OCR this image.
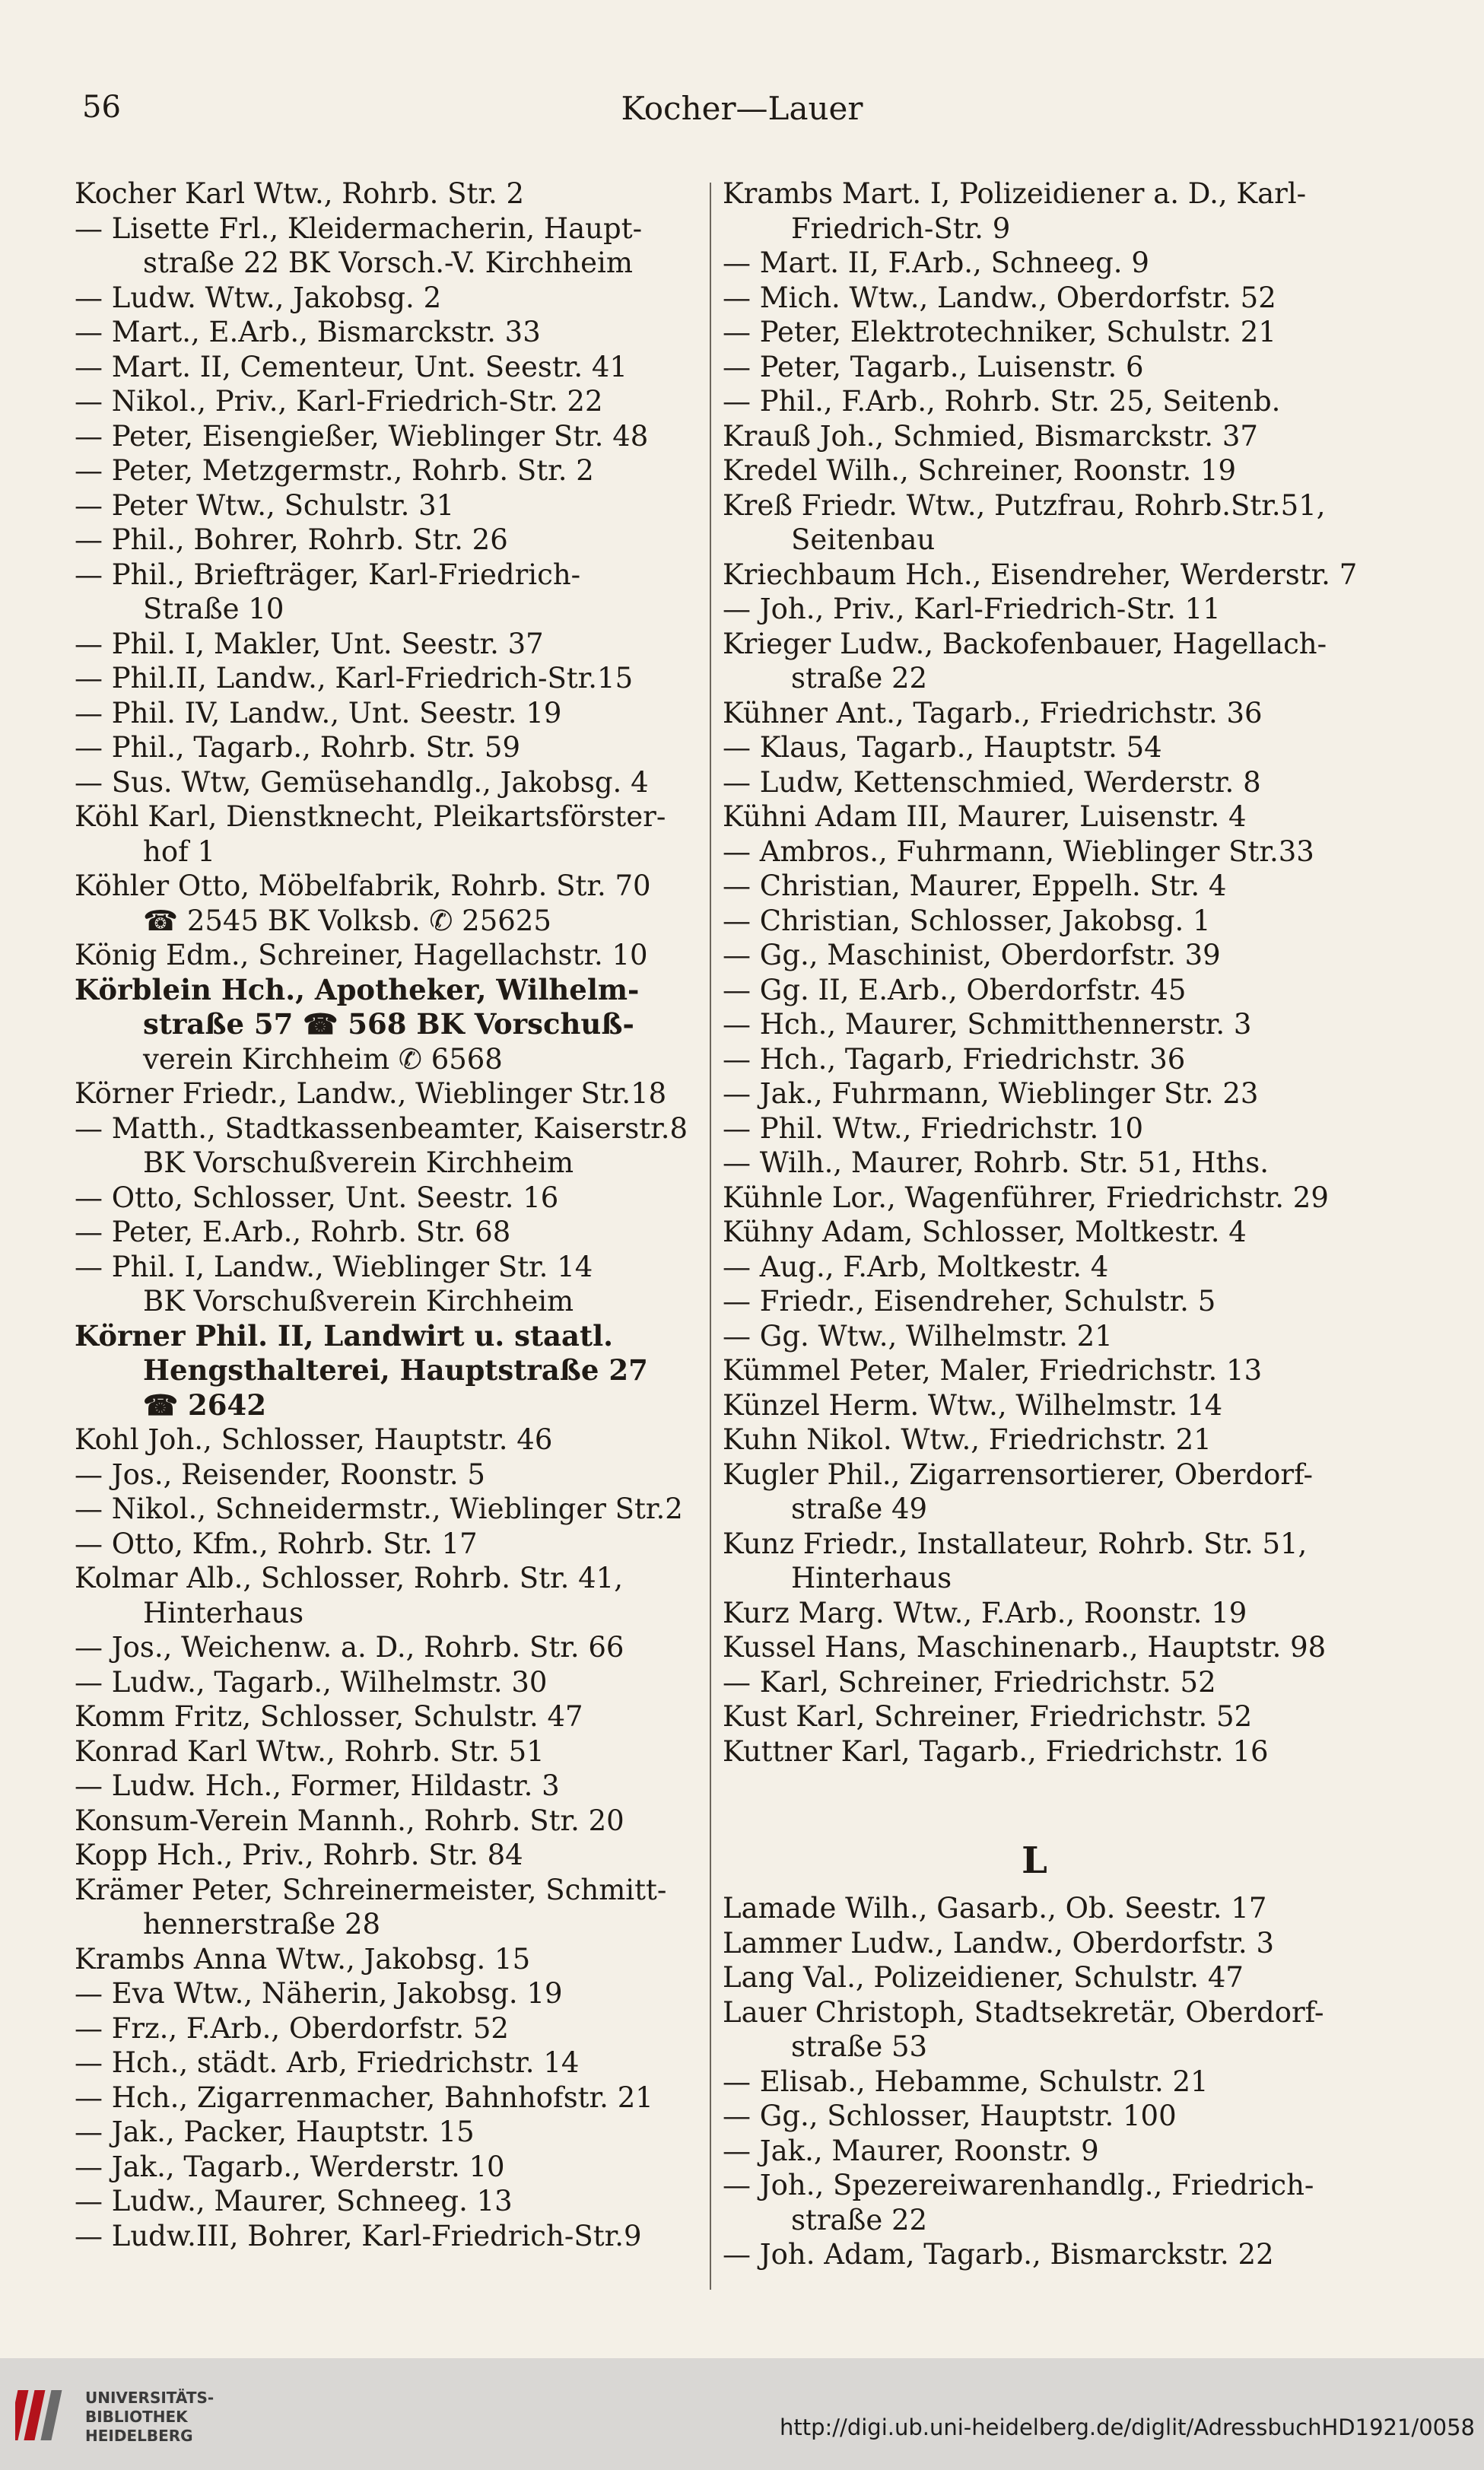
56	Kocher—Lauer
Kocher Karl Wtw., Rohrb. Str. 2
— Lisette Frl., Kleidermacherin, Haupt-
straße 22 BK Vorsch.-V. Kirchheim
— Ludw. Wtw., Jakobsg. 2
— Mart., E.Arb., Bismarckstr. 33
— Mart. II, Cementeur, Unt. Seestr. 41
— Nikol., Priv., Karl-Friedrich-Str. 22
— Peter, Eisengießer, Wieblinger Str. 48
— Peter, Metzgermstr., Rohrb. Str. 2
— Peter Wtw., Schulstr. 31
— Phil., Bohrer, Rohrb. Str. 26
— Phil., Briefträger, Karl-Friedrich-
Straße 10
— Phil. I, Makler, Unt. Seestr. 37
— Phil.II, Landw., Karl-Friedrich-Str.15
— Phil. IV, Landw., Unt. Seestr. 19
— Phil., Tagarb., Rohrb. Str. 59
— Sus. Wtw, Gemüsehandlg., Jakobsg. 4
Köhl Karl, Dienstknecht, Pleikartsförster-
hof 1
Köhler Otto, Möbelfabrik, Rohrb. Str. 70
☎ 2545 BK Volksb. ✆ 25625
König Edm., Schreiner, Hagellachstr. 10
Körblein Hch., Apotheker, Wilhelm-
straße 57 ☎ 568 BK Vorschuß-
verein Kirchheim ✆ 6568
Körner Friedr., Landw., Wieblinger Str.18
— Matth., Stadtkassenbeamter, Kaiserstr.8
BK Vorschußverein Kirchheim
— Otto, Schlosser, Unt. Seestr. 16
— Peter, E.Arb., Rohrb. Str. 68
— Phil. I, Landw., Wieblinger Str. 14
BK Vorschußverein Kirchheim
Körner Phil. II, Landwirt u. staatl.
Hengsthalterei, Hauptstraße 27
☎ 2642
Kohl Joh., Schlosser, Hauptstr. 46
— Jos., Reisender, Roonstr. 5
— Nikol., Schneidermstr., Wieblinger Str.2
— Otto, Kfm., Rohrb. Str. 17
Kolmar Alb., Schlosser, Rohrb. Str. 41,
Hinterhaus
— Jos., Weichenw. a. D., Rohrb. Str. 66
— Ludw., Tagarb., Wilhelmstr. 30
Komm Fritz, Schlosser, Schulstr. 47
Konrad Karl Wtw., Rohrb. Str. 51
— Ludw. Hch., Former, Hildastr. 3
Konsum-Verein Mannh., Rohrb. Str. 20
Kopp Hch., Priv., Rohrb. Str. 84
Krämer Peter, Schreinermeister, Schmitt-
hennerstraße 28
Krambs Anna Wtw., Jakobsg. 15
— Eva Wtw., Näherin, Jakobsg. 19
— Frz., F.Arb., Oberdorfstr. 52
— Hch., städt. Arb, Friedrichstr. 14
— Hch., Zigarrenmacher, Bahnhofstr. 21
— Jak., Packer, Hauptstr. 15
— Jak., Tagarb., Werderstr. 10
— Ludw., Maurer, Schneeg. 13
— Ludw.III, Bohrer, Karl-Friedrich-Str.9
Krambs Mart. I, Polizeidiener a. D., Karl-
Friedrich-Str. 9
— Mart. II, F.Arb., Schneeg. 9
— Mich. Wtw., Landw., Oberdorfstr. 52
— Peter, Elektrotechniker, Schulstr. 21
— Peter, Tagarb., Luisenstr. 6
— Phil., F.Arb., Rohrb. Str. 25, Seitenb.
Krauß Joh., Schmied, Bismarckstr. 37
Kredel Wilh., Schreiner, Roonstr. 19
Kreß Friedr. Wtw., Putzfrau, Rohrb.Str.51,
Seitenbau
Kriechbaum Hch., Eisendreher, Werderstr. 7
— Joh., Priv., Karl-Friedrich-Str. 11
Krieger Ludw., Backofenbauer, Hagellach-
straße 22
Kühner Ant., Tagarb., Friedrichstr. 36
— Klaus, Tagarb., Hauptstr. 54
— Ludw, Kettenschmied, Werderstr. 8
Kühni Adam III, Maurer, Luisenstr. 4
— Ambros., Fuhrmann, Wieblinger Str.33
— Christian, Maurer, Eppelh. Str. 4
— Christian, Schlosser, Jakobsg. 1
— Gg., Maschinist, Oberdorfstr. 39
— Gg. II, E.Arb., Oberdorfstr. 45
— Hch., Maurer, Schmitthennerstr. 3
— Hch., Tagarb, Friedrichstr. 36
— Jak., Fuhrmann, Wieblinger Str. 23
— Phil. Wtw., Friedrichstr. 10
— Wilh., Maurer, Rohrb. Str. 51, Hths.
Kühnle Lor., Wagenführer, Friedrichstr. 29
Kühny Adam, Schlosser, Moltkestr. 4
— Aug., F.Arb, Moltkestr. 4
— Friedr., Eisendreher, Schulstr. 5
— Gg. Wtw., Wilhelmstr. 21
Kümmel Peter, Maler, Friedrichstr. 13
Künzel Herm. Wtw., Wilhelmstr. 14
Kuhn Nikol. Wtw., Friedrichstr. 21
Kugler Phil., Zigarrensortierer, Oberdorf-
straße 49
Kunz Friedr., Installateur, Rohrb. Str. 51,
Hinterhaus
Kurz Marg. Wtw., F.Arb., Roonstr. 19
Kussel Hans, Maschinenarb., Hauptstr. 98
— Karl, Schreiner, Friedrichstr. 52
Kust Karl, Schreiner, Friedrichstr. 52
Kuttner Karl, Tagarb., Friedrichstr. 16
L
Lamade Wilh., Gasarb., Ob. Seestr. 17
Lammer Ludw., Landw., Oberdorfstr. 3
Lang Val., Polizeidiener, Schulstr. 47
Lauer Christoph, Stadtsekretär, Oberdorf-
straße 53
— Elisab., Hebamme, Schulstr. 21
— Gg., Schlosser, Hauptstr. 100
— Jak., Maurer, Roonstr. 9
— Joh., Spezereiwarenhandlg., Friedrich-
straße 22
— Joh. Adam, Tagarb., Bismarckstr. 22
UNIVERSITÄTS-
BIBLIOTHEK
HEIDELBERG	http://digi.ub.uni-heidelberg.de/diglit/AdressbuchHD1921/0058
